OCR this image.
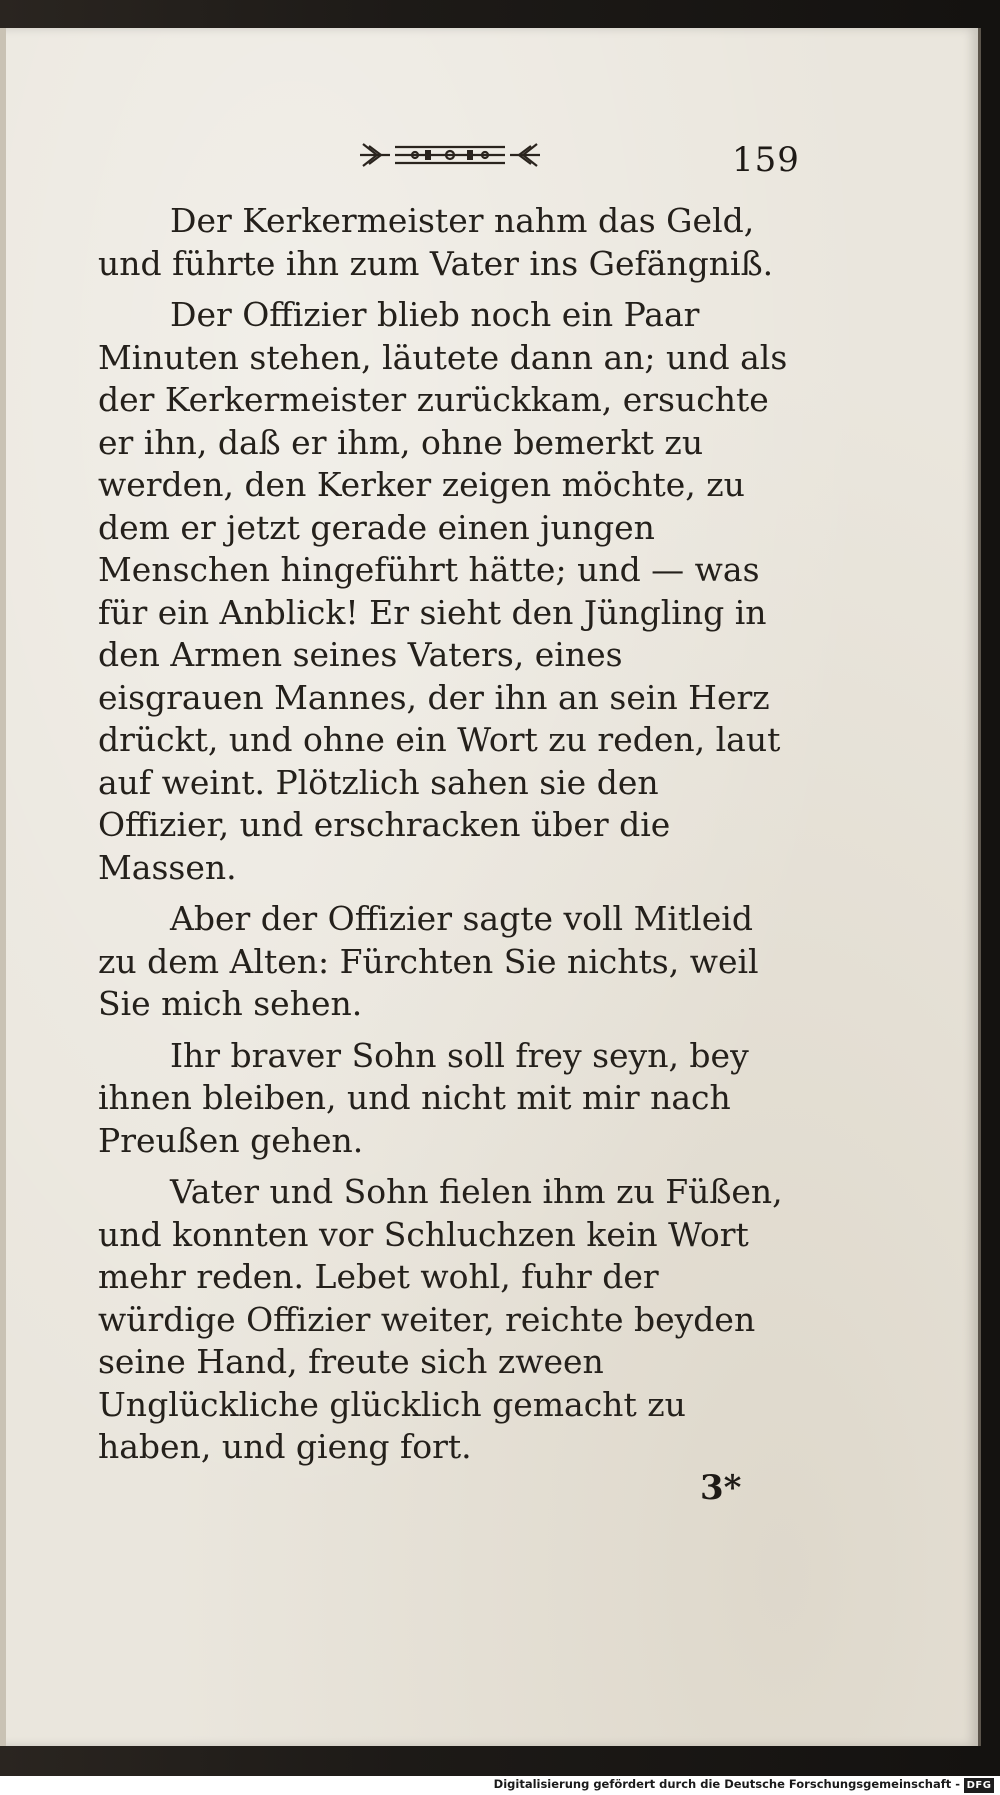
159

Der Kerkermeister nahm das Geld, und führte ihn zum Vater ins Gefängniß.

Der Offizier blieb noch ein Paar Minuten stehen, läutete dann an; und als der Kerkermeister zurückkam, ersuchte er ihn, daß er ihm, ohne bemerkt zu werden, den Kerker zeigen möchte, zu dem er jetzt gerade einen jungen Menschen hingeführt hätte; und — was für ein Anblick! Er sieht den Jüngling in den Armen seines Vaters, eines eisgrauen Mannes, der ihn an sein Herz drückt, und ohne ein Wort zu reden, laut auf weint. Plötzlich sahen sie den Offizier, und erschracken über die Massen.

Aber der Offizier sagte voll Mitleid zu dem Alten: Fürchten Sie nichts, weil Sie mich sehen.

Ihr braver Sohn soll frey seyn, bey ihnen bleiben, und nicht mit mir nach Preußen gehen.

Vater und Sohn fielen ihm zu Füßen, und konnten vor Schluchzen kein Wort mehr reden. Lebet wohl, fuhr der würdige Offizier weiter, reichte beyden seine Hand, freute sich zween Unglückliche glücklich gemacht zu haben, und gieng fort.

3*
Digitalisierung gefördert durch die Deutsche Forschungsgemeinschaft - DFG
